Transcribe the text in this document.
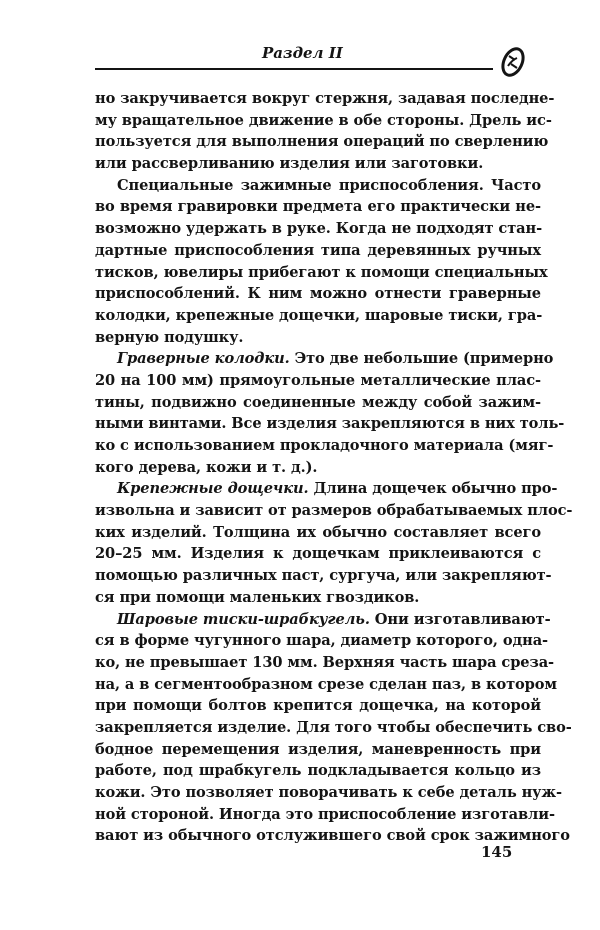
Раздел II
но закручивается вокруг стержня, задавая последне-
му вращательное движение в обе стороны. Дрель ис-
пользуется для выполнения операций по сверлению
или рассверливанию изделия или заготовки.
Специальные зажимные приспособления. Часто
во время гравировки предмета его практически не-
возможно удержать в руке. Когда не подходят стан-
дартные приспособления типа деревянных ручных
тисков, ювелиры прибегают к помощи специальных
приспособлений. К ним можно отнести граверные
колодки, крепежные дощечки, шаровые тиски, гра-
верную подушку.
Граверные колодки. Это две небольшие (примерно
20 на 100 мм) прямоугольные металлические плас-
тины, подвижно соединенные между собой зажим-
ными винтами. Все изделия закрепляются в них толь-
ко с использованием прокладочного материала (мяг-
кого дерева, кожи и т. д.).
Крепежные дощечки. Длина дощечек обычно про-
извольна и зависит от размеров обрабатываемых плос-
ких изделий. Толщина их обычно составляет всего
20–25 мм. Изделия к дощечкам приклеиваются с
помощью различных паст, сургуча, или закрепляют-
ся при помощи маленьких гвоздиков.
Шаровые тиски-шрабкугель. Они изготавливают-
ся в форме чугунного шара, диаметр которого, одна-
ко, не превышает 130 мм. Верхняя часть шара среза-
на, а в сегментообразном срезе сделан паз, в котором
при помощи болтов крепится дощечка, на которой
закрепляется изделие. Для того чтобы обеспечить сво-
бодное перемещения изделия, маневренность при
работе, под шрабкугель подкладывается кольцо из
кожи. Это позволяет поворачивать к себе деталь нуж-
ной стороной. Иногда это приспособление изготавли-
вают из обычного отслужившего свой срок зажимного
145
